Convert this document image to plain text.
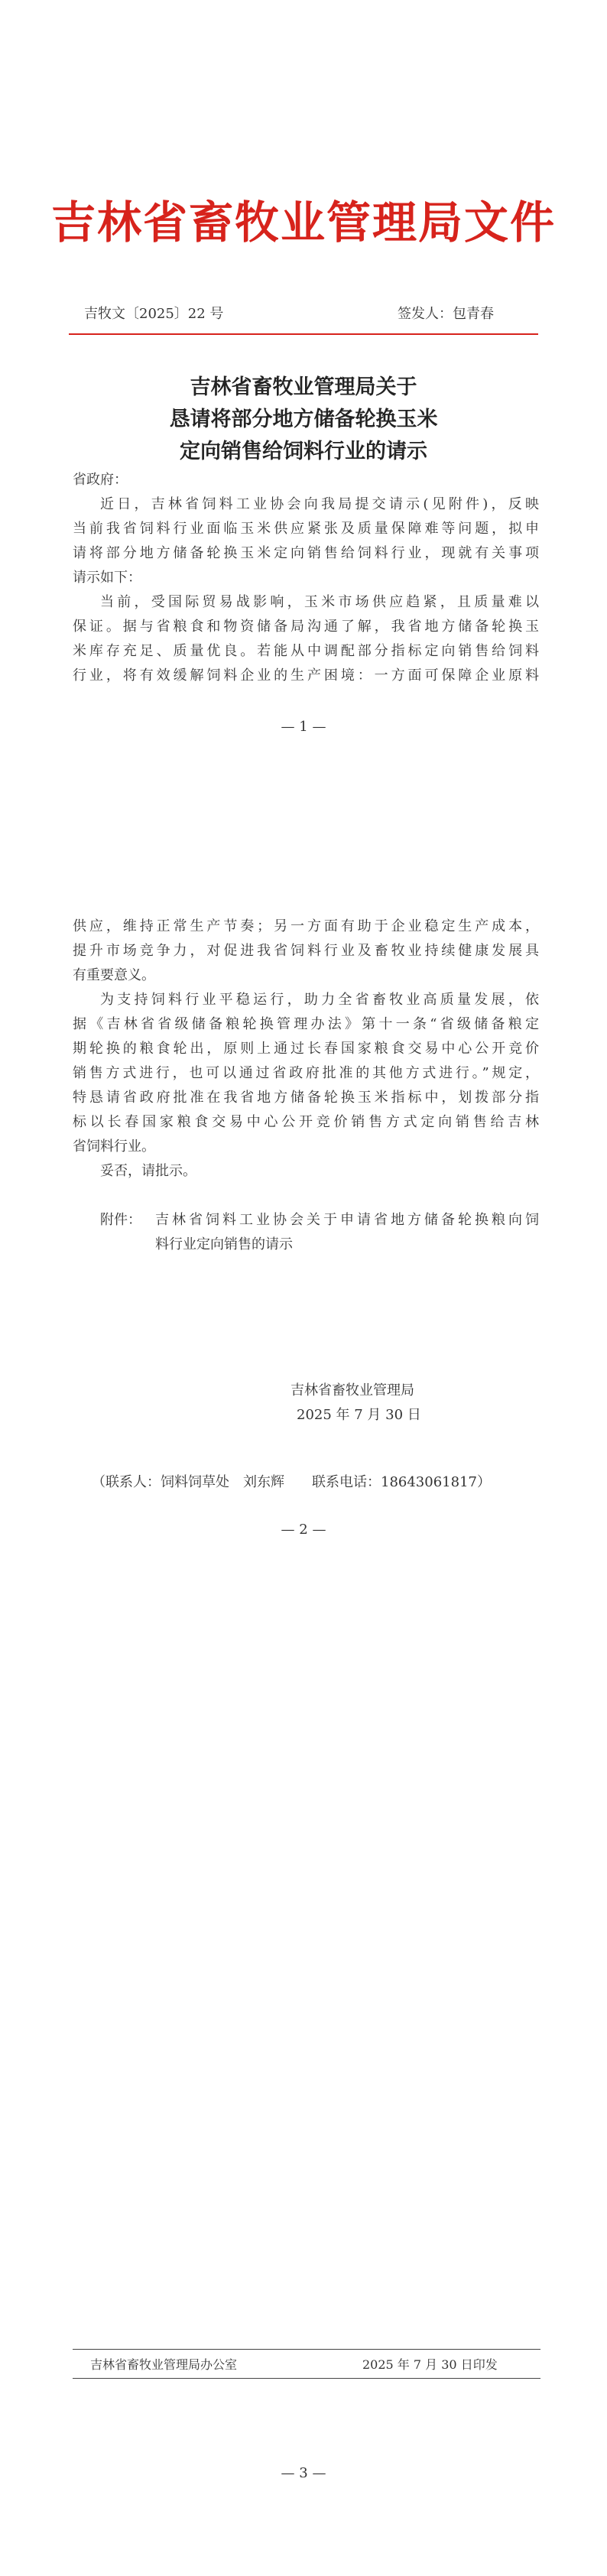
吉林省畜牧业管理局文件
吉牧文〔2025〕22 号	签发人：包青春
吉林省畜牧业管理局关于
恳请将部分地方储备轮换玉米
定向销售给饲料行业的请示
省政府：
近日，吉林省饲料工业协会向我局提交请示(见附件)，反映
当前我省饲料行业面临玉米供应紧张及质量保障难等问题，拟申
请将部分地方储备轮换玉米定向销售给饲料行业，现就有关事项
请示如下：
当前，受国际贸易战影响，玉米市场供应趋紧，且质量难以
保证。据与省粮食和物资储备局沟通了解，我省地方储备轮换玉
米库存充足、质量优良。若能从中调配部分指标定向销售给饲料
行业，将有效缓解饲料企业的生产困境：一方面可保障企业原料
— 1 —
供应，维持正常生产节奏；另一方面有助于企业稳定生产成本，
提升市场竞争力，对促进我省饲料行业及畜牧业持续健康发展具
有重要意义。
为支持饲料行业平稳运行，助力全省畜牧业高质量发展，依
据《吉林省省级储备粮轮换管理办法》第十一条“省级储备粮定
期轮换的粮食轮出，原则上通过长春国家粮食交易中心公开竞价
销售方式进行，也可以通过省政府批准的其他方式进行。”规定，
特恳请省政府批准在我省地方储备轮换玉米指标中，划拨部分指
标以长春国家粮食交易中心公开竞价销售方式定向销售给吉林
省饲料行业。
妥否，请批示。
附件： 吉林省饲料工业协会关于申请省地方储备轮换粮向饲
料行业定向销售的请示
吉林省畜牧业管理局
2025 年 7 月 30 日
（联系人：饲料饲草处　刘东辉　　联系电话：18643061817）
— 2 —
吉林省畜牧业管理局办公室	2025 年 7 月 30 日印发
— 3 —
